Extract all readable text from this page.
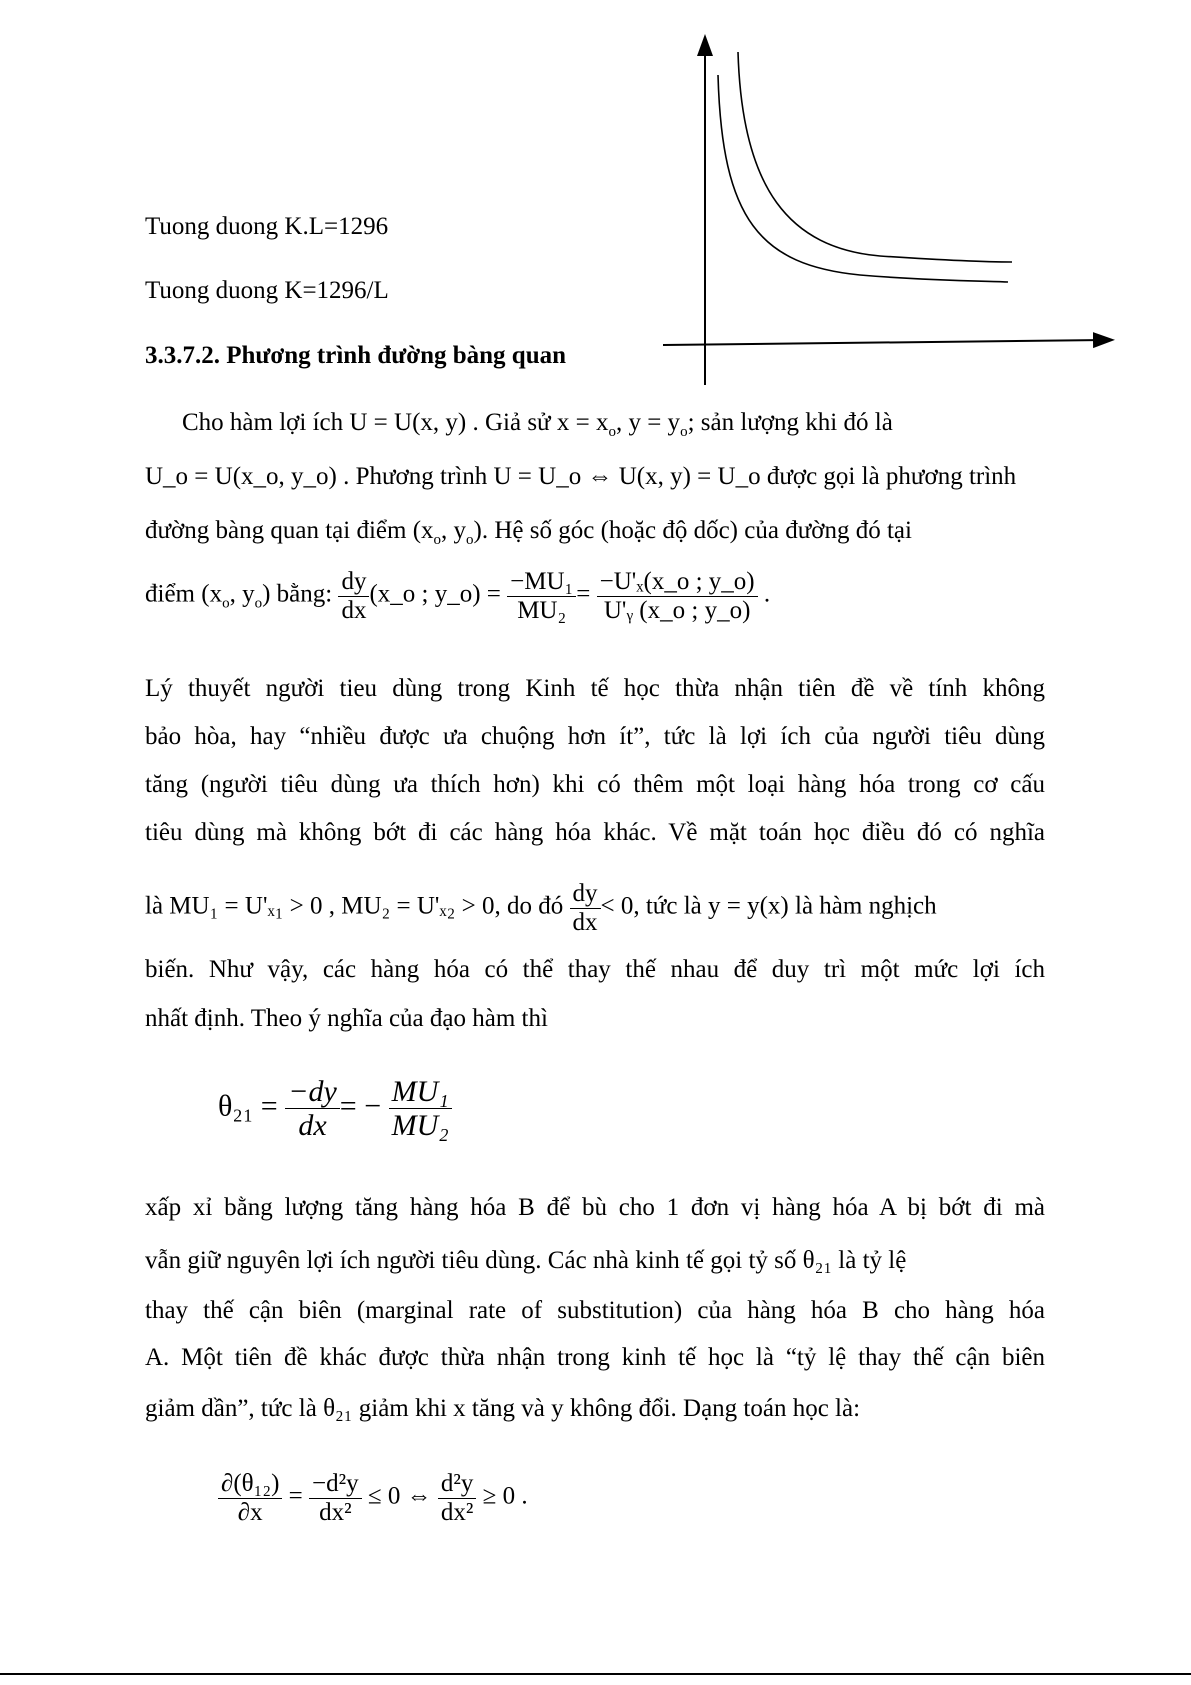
Tuong duong K.L=1296
Tuong duong K=1296/L
3.3.7.2. Phương trình đường bàng quan
Cho hàm lợi ích U = U(x, y) . Giả sử $x = x_o$, $y = y_o$; sản lượng khi đó là
U_o = U(x_o, y_o) . Phương trình U = U_o ⇔ U(x, y) = U_o được gọi là phương trình
đường bàng quan tại điểm ($x_o$, $y_o$). Hệ số góc (hoặc độ dốc) của đường đó tại
điểm ($x_o$, $y_o$) bằng: $\frac{dy}{dx}$ (x_o ; y_o) = $\frac{\text{−MU₁}}{\text{MU₂}} = \frac{\text{−U'ₓ(x\_o ; y\_o)}}{\text{U'ᵧ (x\_o ; y\_o)}}$ .
Lý thuyết người tieu dùng trong Kinh tế học thừa nhận tiên đề về tính không
bảo hòa, hay “nhiều được ưa chuộng hơn ít”, tức là lợi ích của người tiêu dùng
tăng (người tiêu dùng ưa thích hơn) khi có thêm một loại hàng hóa trong cơ cấu
tiêu dùng mà không bớt đi các hàng hóa khác. Về mặt toán học điều đó có nghĩa
là MU₁ = U'ₓ₁ > 0 , MU₂ = U'ₓ₂ > 0, do đó $\frac{dy}{dx} < 0$, tức là y = y(x) là hàm nghịch
biến. Như vậy, các hàng hóa có thể thay thế nhau để duy trì một mức lợi ích
nhất định. Theo ý nghĩa của đạo hàm thì
$\theta_{21} = \frac{-dy}{dx}$ = − $\frac{\text{MU₁}}{\text{MU₂}}$
xấp xỉ bằng lượng tăng hàng hóa B để bù cho 1 đơn vị hàng hóa A bị bớt đi mà
vẫn giữ nguyên lợi ích người tiêu dùng. Các nhà kinh tế gọi tỷ số θ₂₁ là tỷ lệ
thay thế cận biên (marginal rate of substitution) của hàng hóa B cho hàng hóa
A. Một tiên đề khác được thừa nhận trong kinh tế học là “tỷ lệ thay thế cận biên
giảm dần”, tức là θ₂₁ giảm khi x tăng và y không đổi. Dạng toán học là:
$\frac{\text{∂(θ₁₂)}}{\partial x} = \frac{\text{−d²y}}{\text{dx²}} \le 0$ ⇔ $\frac{\text{d²y}}{\text{dx²}} \ge 0$ .
